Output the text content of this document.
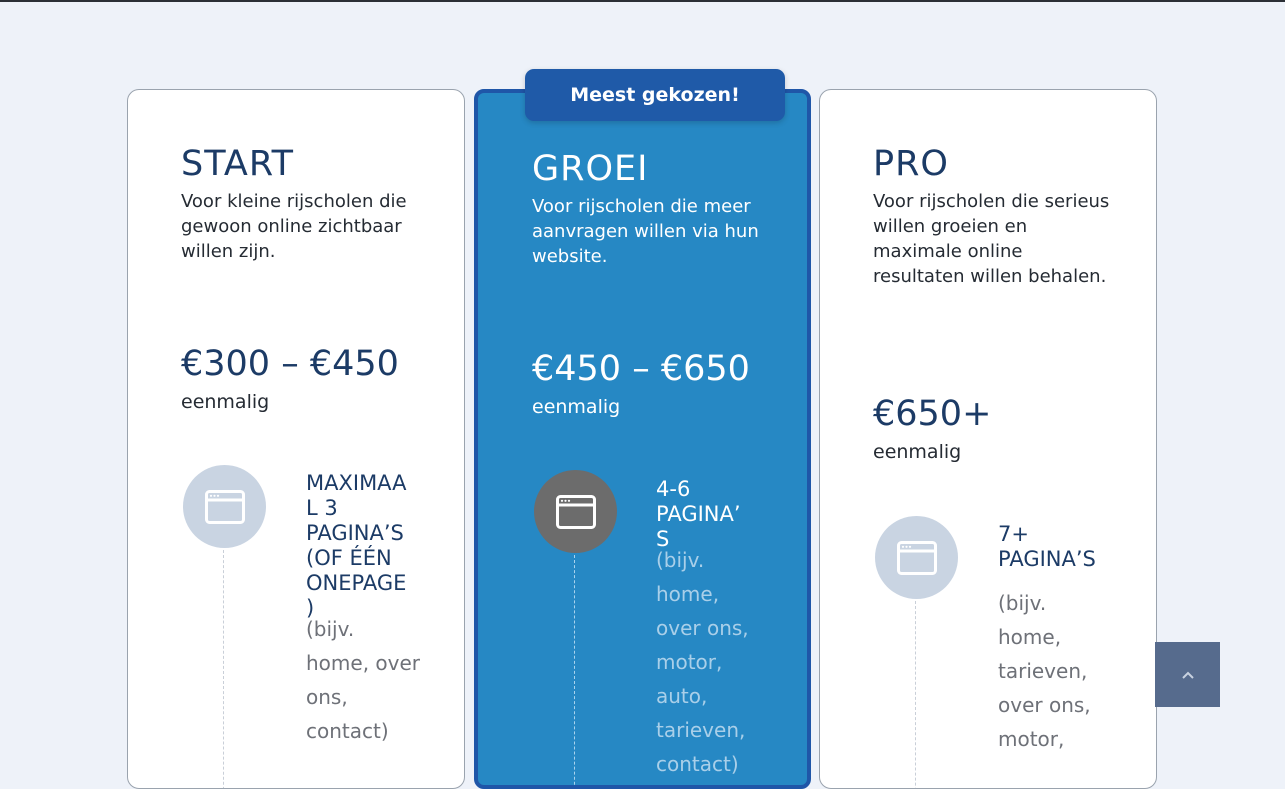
START

Voor kleine rijscholen die gewoon online zichtbaar willen zijn.

€300 – €450
eenmalig
MAXIMAAL 3 PAGINA’S (OF ÉÉN ONEPAGE)
(bijv. home, over ons, contact)
GROEI

Voor rijscholen die meer aanvragen willen via hun website.

€450 – €650
eenmalig
4-6 PAGINA’S
(bijv. home, over ons, motor, auto, tarieven, contact)
Meest gekozen!
PRO

Voor rijscholen die serieus willen groeien en maximale online resultaten willen behalen.

€650+
eenmalig
7+ PAGINA’S
(bijv. home, tarieven, over ons, motor,
